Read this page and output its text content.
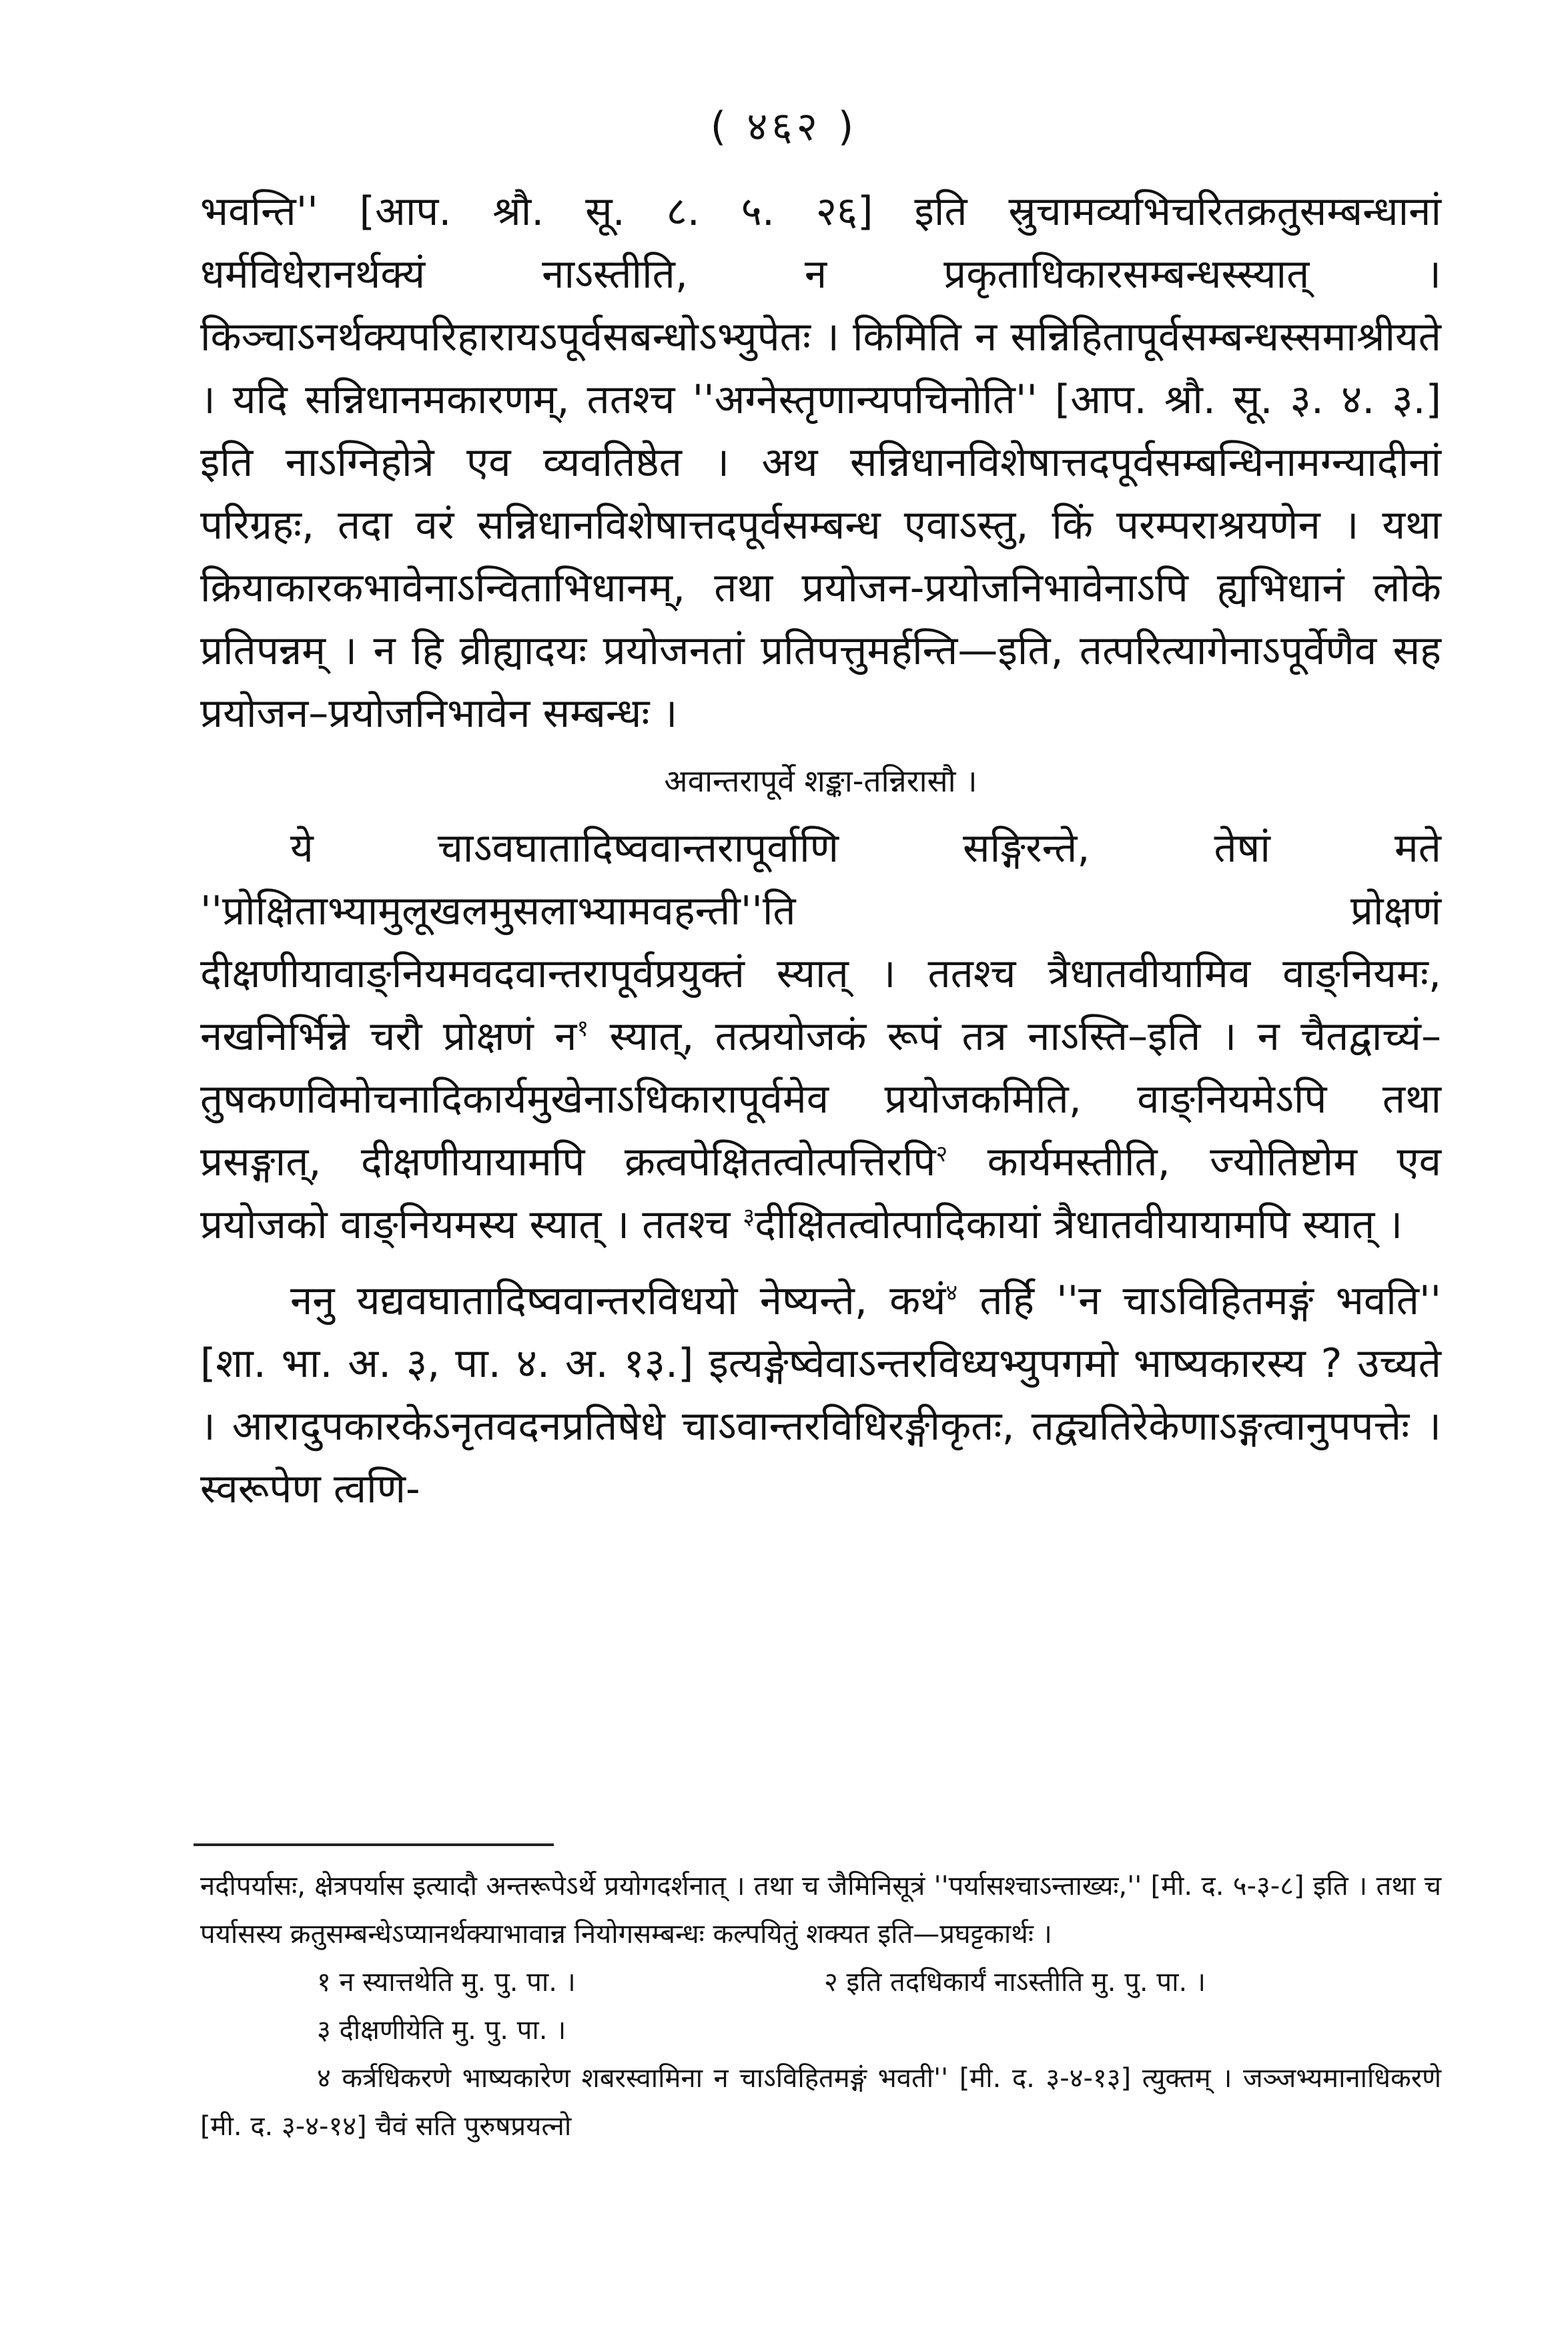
( ४६२ )

भवन्ति'' [आप. श्रौ. सू. ८. ५. २६] इति स्रुचामव्यभिचरितक्रतुसम्बन्धानां धर्मविधेरानर्थक्यं नाऽस्तीति, न प्रकृताधिकारसम्बन्धस्स्यात् । किञ्चाऽनर्थक्यपरिहारायऽपूर्वसबन्धोऽभ्युपेतः । किमिति न सन्निहितापूर्वसम्बन्धस्समाश्रीयते । यदि सन्निधानमकारणम्, ततश्च ''अग्नेस्तृणान्यपचिनोति'' [आप. श्रौ. सू. ३. ४. ३.] इति नाऽग्निहोत्रे एव व्यवतिष्ठेत । अथ सन्निधानविशेषात्तदपूर्वसम्बन्धिनामग्न्यादीनां परिग्रहः, तदा वरं सन्निधानविशेषात्तदपूर्वसम्बन्ध एवाऽस्तु, किं परम्पराश्रयणेन । यथा क्रियाकारकभावेनाऽन्विताभिधानम्, तथा प्रयोजन-प्रयोजनिभावेनाऽपि ह्यभिधानं लोके प्रतिपन्नम् । न हि व्रीह्यादयः प्रयोजनतां प्रतिपत्तुमर्हन्ति—इति, तत्परित्यागेनाऽपूर्वेणैव सह प्रयोजन–प्रयोजनिभावेन सम्बन्धः ।

अवान्तरापूर्वे शङ्का-तन्निरासौ ।

ये चाऽवघातादिष्ववान्तरापूर्वाणि सङ्गिरन्ते, तेषां मते ''प्रोक्षिताभ्यामुलूखलमुसलाभ्यामवहन्ती''ति प्रोक्षणं दीक्षणीयावाङ्नियमवदवान्तरापूर्वप्रयुक्तं स्यात् । ततश्च त्रैधातवीयामिव वाङ्नियमः, नखनिर्भिन्ने चरौ प्रोक्षणं न$^१$ स्यात्, तत्प्रयोजकं रूपं तत्र नाऽस्ति–इति । न चैतद्वाच्यं–तुषकणविमोचनादिकार्यमुखेनाऽधिकारापूर्वमेव प्रयोजकमिति, वाङ्नियमेऽपि तथा प्रसङ्गात्, दीक्षणीयायामपि क्रत्वपेक्षितत्वोत्पत्तिरपि$^२$ कार्यमस्तीति, ज्योतिष्टोम एव प्रयोजको वाङ्नियमस्य स्यात् । ततश्च $^३$दीक्षितत्वोत्पादिकायां त्रैधातवीयायामपि स्यात् ।

ननु यद्यवघातादिष्ववान्तरविधयो नेष्यन्ते, कथं$^४$ तर्हि ''न चाऽविहितमङ्गं भवति'' [शा. भा. अ. ३, पा. ४. अ. १३.] इत्यङ्गेष्वेवाऽन्तरविध्यभ्युपगमो भाष्यकारस्य ? उच्यते । आरादुपकारकेऽनृतवदनप्रतिषेधे चाऽवान्तरविधिरङ्गीकृतः, तद्व्यतिरेकेणाऽङ्गत्वानुपपत्तेः । स्वरूपेण त्वणि-

नदीपर्यासः, क्षेत्रपर्यास इत्यादौ अन्तरूपेऽर्थे प्रयोगदर्शनात् । तथा च जैमिनिसूत्रं ''पर्यासश्चाऽन्ताख्यः,'' [मी. द. ५-३-८] इति । तथा च पर्यासस्य क्रतुसम्बन्धेऽप्यानर्थक्याभावान्न नियोगसम्बन्धः कल्पयितुं शक्यत इति—प्रघट्टकार्थः ।

१ न स्यात्तथेति मु. पु. पा. ।	२ इति तदधिकार्यं नाऽस्तीति मु. पु. पा. ।
३ दीक्षणीयेति मु. पु. पा. ।

४ कर्त्रधिकरणे भाष्यकारेण शबरस्वामिना न चाऽविहितमङ्गं भवती'' [मी. द. ३-४-१३] त्युक्तम् । जञ्जभ्यमानाधिकरणे [मी. द. ३-४-१४] चैवं सति पुरुषप्रयत्नो
